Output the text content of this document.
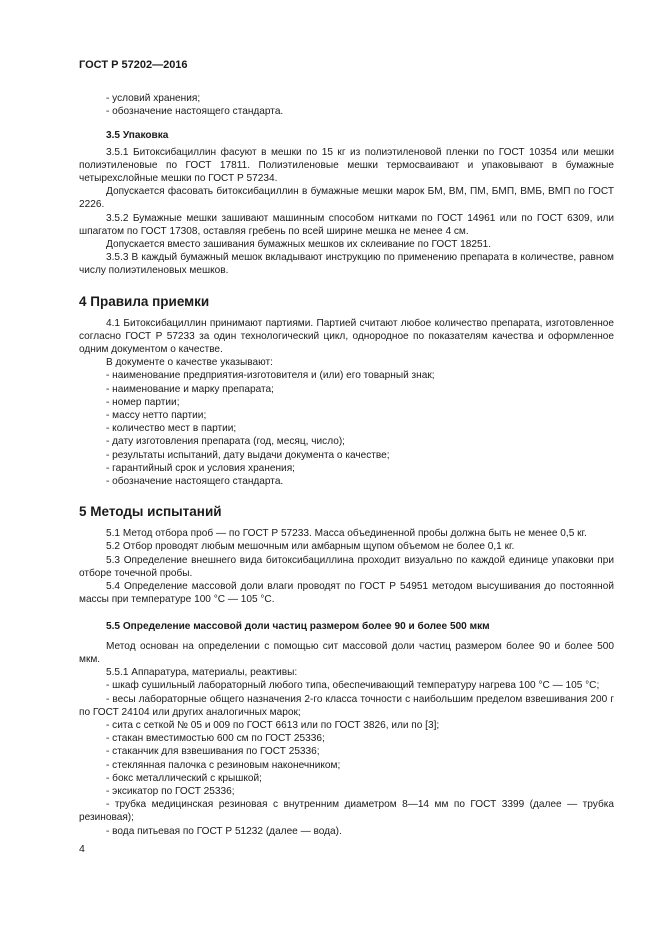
ГОСТ Р 57202—2016

- условий хранения;

- обозначение настоящего стандарта.

3.5 Упаковка

3.5.1 Битоксибациллин фасуют в мешки по 15 кг из полиэтиленовой пленки по ГОСТ 10354 или мешки полиэтиленовые по ГОСТ 17811. Полиэтиленовые мешки термосваивают и упаковывают в бумажные четырехслойные мешки по ГОСТ Р 57234.

Допускается фасовать битоксибациллин в бумажные мешки марок БМ, ВМ, ПМ, БМП, ВМБ, ВМП по ГОСТ 2226.

3.5.2 Бумажные мешки зашивают машинным способом нитками по ГОСТ 14961 или по ГОСТ 6309, или шпагатом по ГОСТ 17308, оставляя гребень по всей ширине мешка не менее 4 см.

Допускается вместо зашивания бумажных мешков их склеивание по ГОСТ 18251.

3.5.3 В каждый бумажный мешок вкладывают инструкцию по применению препарата в количестве, равном числу полиэтиленовых мешков.

4 Правила приемки

4.1 Битоксибациллин принимают партиями. Партией считают любое количество препарата, изготовленное согласно ГОСТ Р 57233 за один технологический цикл, однородное по показателям качества и оформленное одним документом о качестве.

В документе о качестве указывают:

- наименование предприятия-изготовителя и (или) его товарный знак;

- наименование и марку препарата;

- номер партии;

- массу нетто партии;

- количество мест в партии;

- дату изготовления препарата (год, месяц, число);

- результаты испытаний, дату выдачи документа о качестве;

- гарантийный срок и условия хранения;

- обозначение настоящего стандарта.

5 Методы испытаний

5.1 Метод отбора проб — по ГОСТ Р 57233. Масса объединенной пробы должна быть не менее 0,5 кг.

5.2 Отбор проводят любым мешочным или амбарным щупом объемом не более 0,1 кг.

5.3 Определение внешнего вида битоксибациллина проходит визуально по каждой единице упаковки при отборе точечной пробы.

5.4 Определение массовой доли влаги проводят по ГОСТ Р 54951 методом высушивания до постоянной массы при температуре 100 °С — 105 °С.

5.5 Определение массовой доли частиц размером более 90 и более 500 мкм

Метод основан на определении с помощью сит массовой доли частиц размером более 90 и более 500 мкм.

5.5.1 Аппаратура, материалы, реактивы:

- шкаф сушильный лабораторный любого типа, обеспечивающий температуру нагрева 100 °С — 105 °С;

- весы лабораторные общего назначения 2-го класса точности с наибольшим пределом взвешивания 200 г по ГОСТ 24104 или других аналогичных марок;

- сита с сеткой № 05 и 009 по ГОСТ 6613 или по ГОСТ 3826, или по [3];

- стакан вместимостью 600 см по ГОСТ 25336;

- стаканчик для взвешивания по ГОСТ 25336;

- стеклянная палочка с резиновым наконечником;

- бокс металлический с крышкой;

- эксикатор по ГОСТ 25336;

- трубка медицинская резиновая с внутренним диаметром 8—14 мм по ГОСТ 3399 (далее — трубка резиновая);

- вода питьевая по ГОСТ Р 51232 (далее — вода).

4
